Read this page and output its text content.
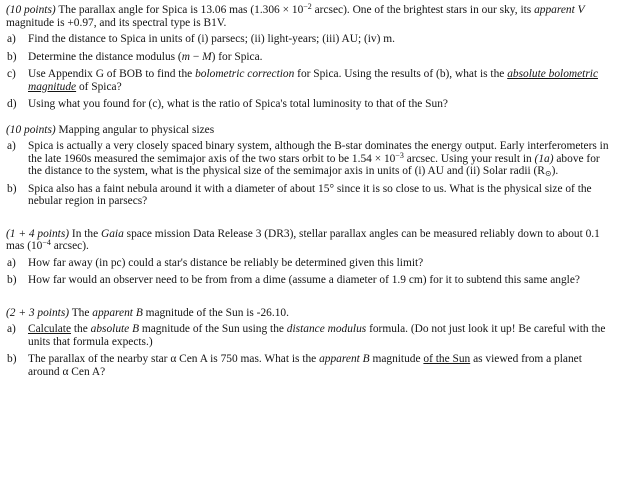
(10 points) The parallax angle for Spica is 13.06 mas ($1.306 \times 10^{-2}$ arcsec). One of the brightest stars in our sky, its apparent V magnitude is +0.97, and its spectral type is B1V.

a) Find the distance to Spica in units of (i) parsecs; (ii) light-years; (iii) AU; (iv) m.
b) Determine the distance modulus (m − M) for Spica.
c) Use Appendix G of BOB to find the bolometric correction for Spica. Using the results of (b), what is the absolute bolometric magnitude of Spica?
d) Using what you found for (c), what is the ratio of Spica's total luminosity to that of the Sun?

(10 points) Mapping angular to physical sizes

a) Spica is actually a very closely spaced binary system, although the B-star dominates the energy output. Early interferometers in the late 1960s measured the semimajor axis of the two stars orbit to be $1.54 \times 10^{-3}$ arcsec. Using your result in (1a) above for the distance to the system, what is the physical size of the semimajor axis in units of (i) AU and (ii) Solar radii $(R_⊙)$.
b) Spica also has a faint nebula around it with a diameter of about 15° since it is so close to us. What is the physical size of the nebular region in parsecs?

(1 + 4 points) In the Gaia space mission Data Release 3 (DR3), stellar parallax angles can be measured reliably down to about 0.1 mas ($10^{-4}$ arcsec).

a) How far away (in pc) could a star's distance be reliably be determined given this limit?
b) How far would an observer need to be from from a dime (assume a diameter of 1.9 cm) for it to subtend this same angle?

(2 + 3 points) The apparent B magnitude of the Sun is -26.10.

a) Calculate the absolute B magnitude of the Sun using the distance modulus formula. (Do not just look it up! Be careful with the units that formula expects.)
b) The parallax of the nearby star α Cen A is 750 mas. What is the apparent B magnitude of the Sun as viewed from a planet around α Cen A?
